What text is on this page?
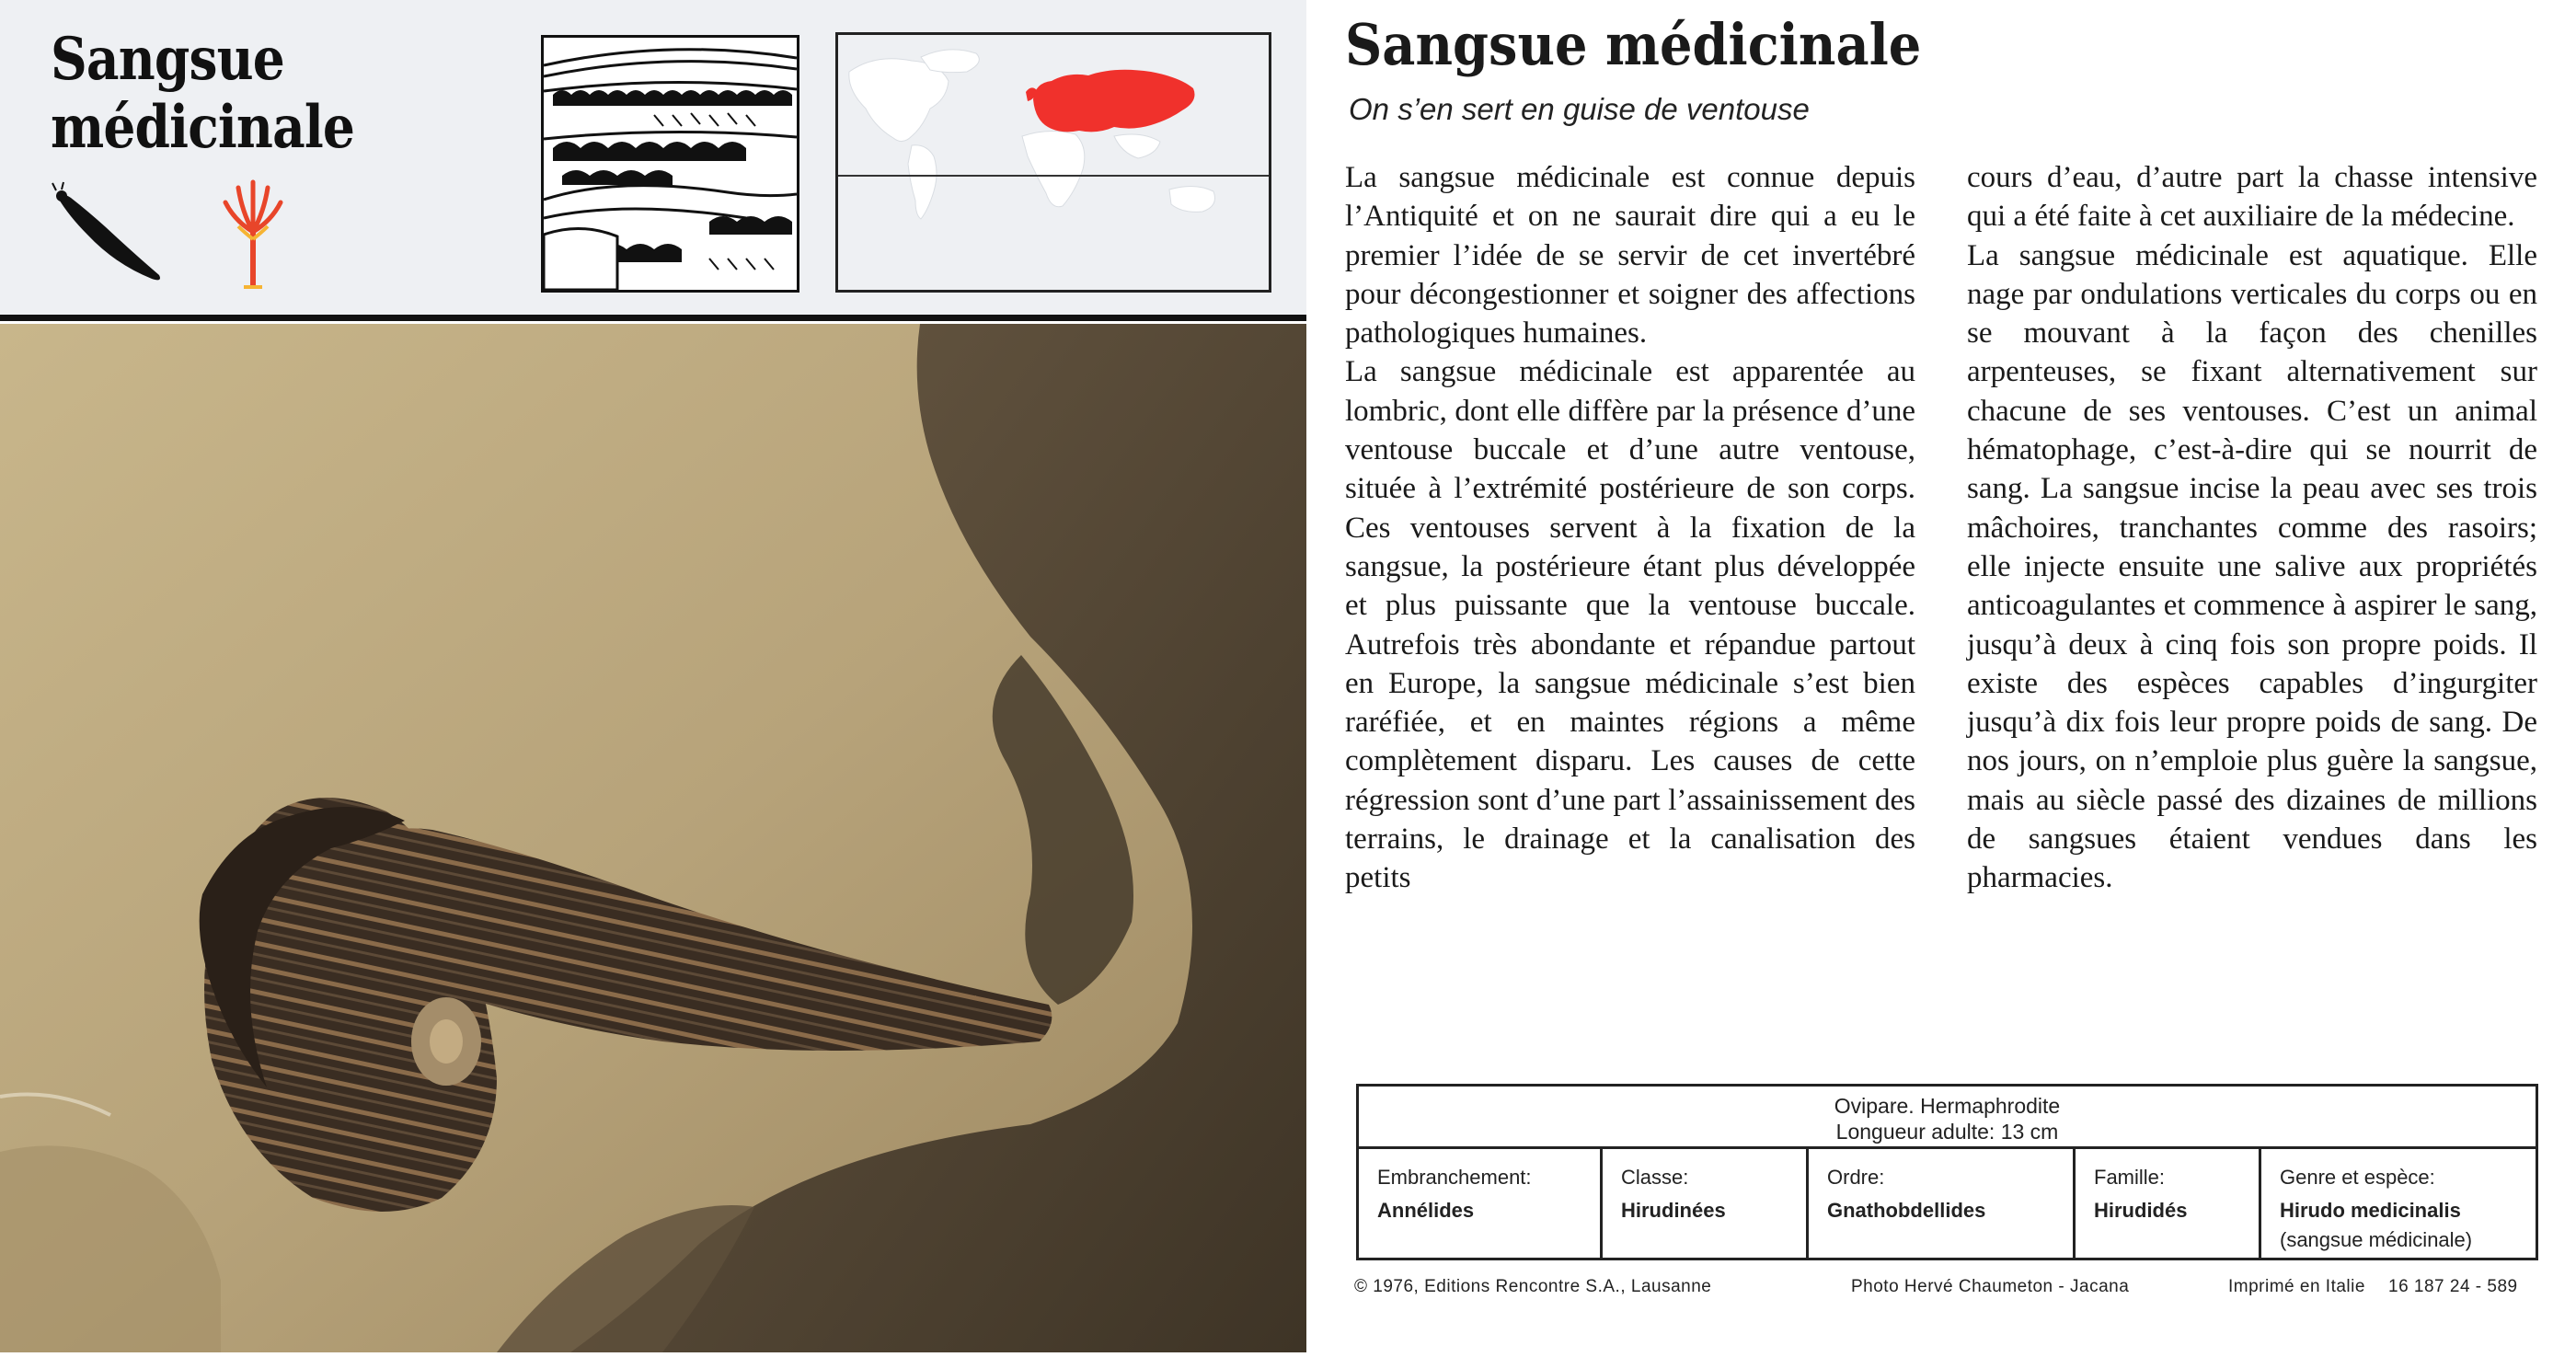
Sangsue
médicinale
Sangsue médicinale
On s’en sert en guise de ventouse

La sangsue médicinale est connue depuis l’Antiquité et on ne saurait dire qui a eu le premier l’idée de se servir de cet invertébré pour décongestionner et soigner des affections pathologiques humaines.

La sangsue médicinale est apparentée au lombric, dont elle diffère par la présence d’une ventouse buccale et d’une autre ventouse, située à l’extrémité postérieure de son corps. Ces ventouses servent à la fixation de la sangsue, la postérieure étant plus développée et plus puissante que la ventouse buccale. Autrefois très abondante et répandue partout en Europe, la sangsue médicinale s’est bien raréfiée, et en maintes régions a même complètement disparu. Les causes de cette régression sont d’une part l’assainissement des terrains, le drainage et la canalisation des petits

cours d’eau, d’autre part la chasse intensive qui a été faite à cet auxiliaire de la médecine.

La sangsue médicinale est aquatique. Elle nage par ondulations verticales du corps ou en se mouvant à la façon des chenilles arpenteuses, se fixant alternativement sur chacune de ses ventouses. C’est un animal hématophage, c’est-à-dire qui se nourrit de sang. La sangsue incise la peau avec ses trois mâchoires, tranchantes comme des rasoirs; elle injecte ensuite une salive aux propriétés anticoagulantes et commence à aspirer le sang, jusqu’à deux à cinq fois son propre poids. Il existe des espèces capables d’ingurgiter jusqu’à dix fois leur propre poids de sang. De nos jours, on n’emploie plus guère la sangsue, mais au siècle passé des dizaines de millions de sangsues étaient vendues dans les pharmacies.

Ovipare. Hermaphrodite
Longueur adulte: 13 cm
Embranchement:
Annélides
Classe:
Hirudinées
Ordre:
Gnathobdellides
Famille:
Hirudidés
Genre et espèce:
Hirudo medicinalis
(sangsue médicinale)
© 1976, Editions Rencontre S.A., Lausanne	Photo Hervé Chaumeton - Jacana	Imprimé en Italie 16 187 24 - 589
